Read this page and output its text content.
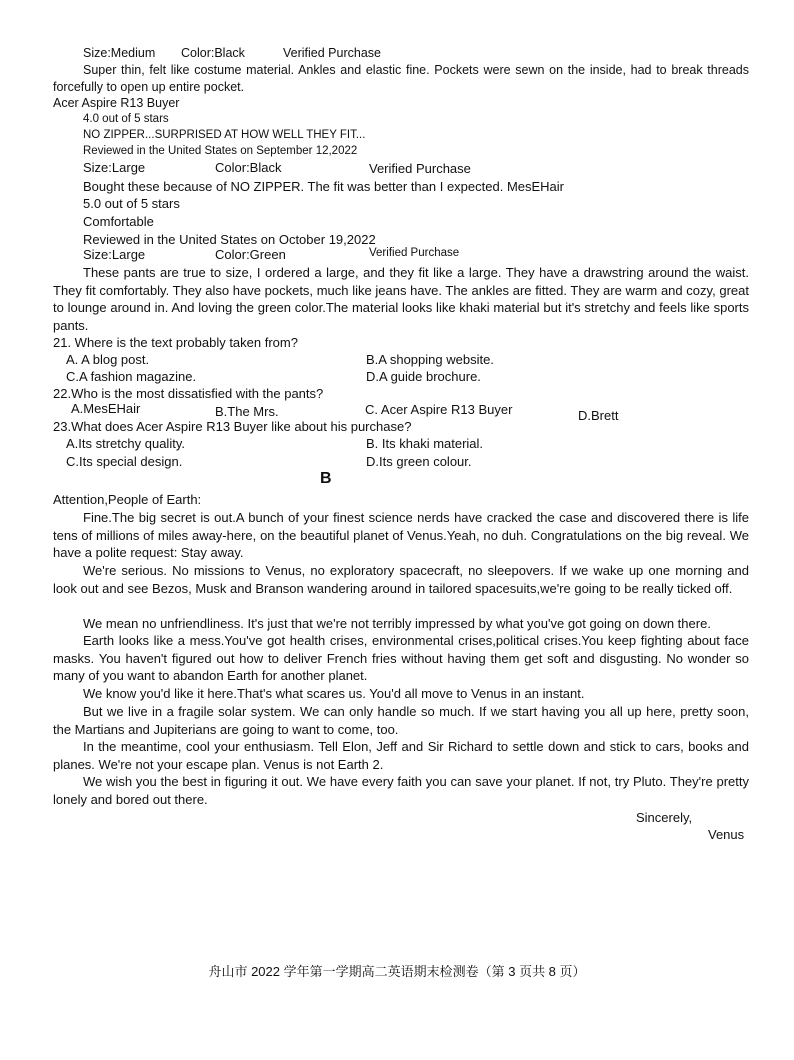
Size:Medium Color:Black	Verified Purchase

Super thin, felt like costume material. Ankles and elastic fine. Pockets were sewn on the inside, had to break threads forcefully to open up entire pocket.

Acer Aspire R13 Buyer
4.0 out of 5 stars
NO ZIPPER...SURPRISED AT HOW WELL THEY FIT...
Reviewed in the United States on September 12,2022
Size:Large	Color:Black	Verified Purchase
Bought these because of NO ZIPPER. The fit was better than I expected. MesEHair
5.0 out of 5 stars
Comfortable
Reviewed in the United States on October 19,2022
Size:Large	Color:Green	Verified Purchase

These pants are true to size, I ordered a large, and they fit like a large. They have a drawstring around the waist. They fit comfortably. They also have pockets, much like jeans have. The ankles are fitted. They are warm and cozy, great to lounge around in. And loving the green color.The material looks like khaki material but it's stretchy and feels like sports pants.

21. Where is the text probably taken from?
A. A blog post.	B.A shopping website.
C.A fashion magazine.	D.A guide brochure.
22.Who is the most dissatisfied with the pants?
A.MesEHair	B.The Mrs.	C. Acer Aspire R13 Buyer	D.Brett
23.What does Acer Aspire R13 Buyer like about his purchase?
A.Its stretchy quality.	B. Its khaki material.
C.Its special design.	D.Its green colour.
B
Attention,People of Earth:

Fine.The big secret is out.A bunch of your finest science nerds have cracked the case and discovered there is life tens of millions of miles away-here, on the beautiful planet of Venus.Yeah, no duh. Congratulations on the big reveal. We have a polite request: Stay away.

We're serious. No missions to Venus, no exploratory spacecraft, no sleepovers. If we wake up one morning and look out and see Bezos, Musk and Branson wandering around in tailored spacesuits,we're going to be really ticked off.

We mean no unfriendliness. It's just that we're not terribly impressed by what you've got going on down there.

Earth looks like a mess.You've got health crises, environmental crises,political crises.You keep fighting about face masks. You haven't figured out how to deliver French fries without having them get soft and disgusting. No wonder so many of you want to abandon Earth for another planet.

We know you'd like it here.That's what scares us. You'd all move to Venus in an instant.

But we live in a fragile solar system. We can only handle so much. If we start having you all up here, pretty soon, the Martians and Jupiterians are going to want to come, too.

In the meantime, cool your enthusiasm. Tell Elon, Jeff and Sir Richard to settle down and stick to cars, books and planes. We're not your escape plan. Venus is not Earth 2.

We wish you the best in figuring it out. We have every faith you can save your planet. If not, try Pluto. They're pretty lonely and bored out there.

Sincerely,
Venus
舟山市 2022 学年第一学期高二英语期末检测卷（第 3 页共 8 页）
